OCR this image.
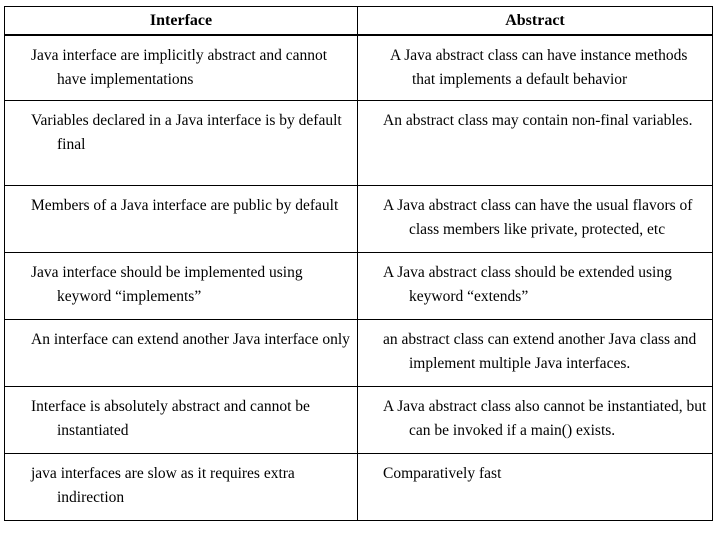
Interface	Abstract

Java interface are implicitly abstract and cannot have implementations	A Java abstract class can have instance methods that implements a default behavior

Variables declared in a Java interface is by default final	An abstract class may contain non-final variables.

Members of a Java interface are public by default	A Java abstract class can have the usual flavors of class members like private, protected, etc

Java interface should be implemented using keyword “implements”	A Java abstract class should be extended using keyword “extends”

An interface can extend another Java interface only	an abstract class can extend another Java class and implement multiple Java interfaces.

Interface is absolutely abstract and cannot be instantiated	A Java abstract class also cannot be instantiated, but can be invoked if a main() exists.

java interfaces are slow as it requires extra indirection	Comparatively fast
